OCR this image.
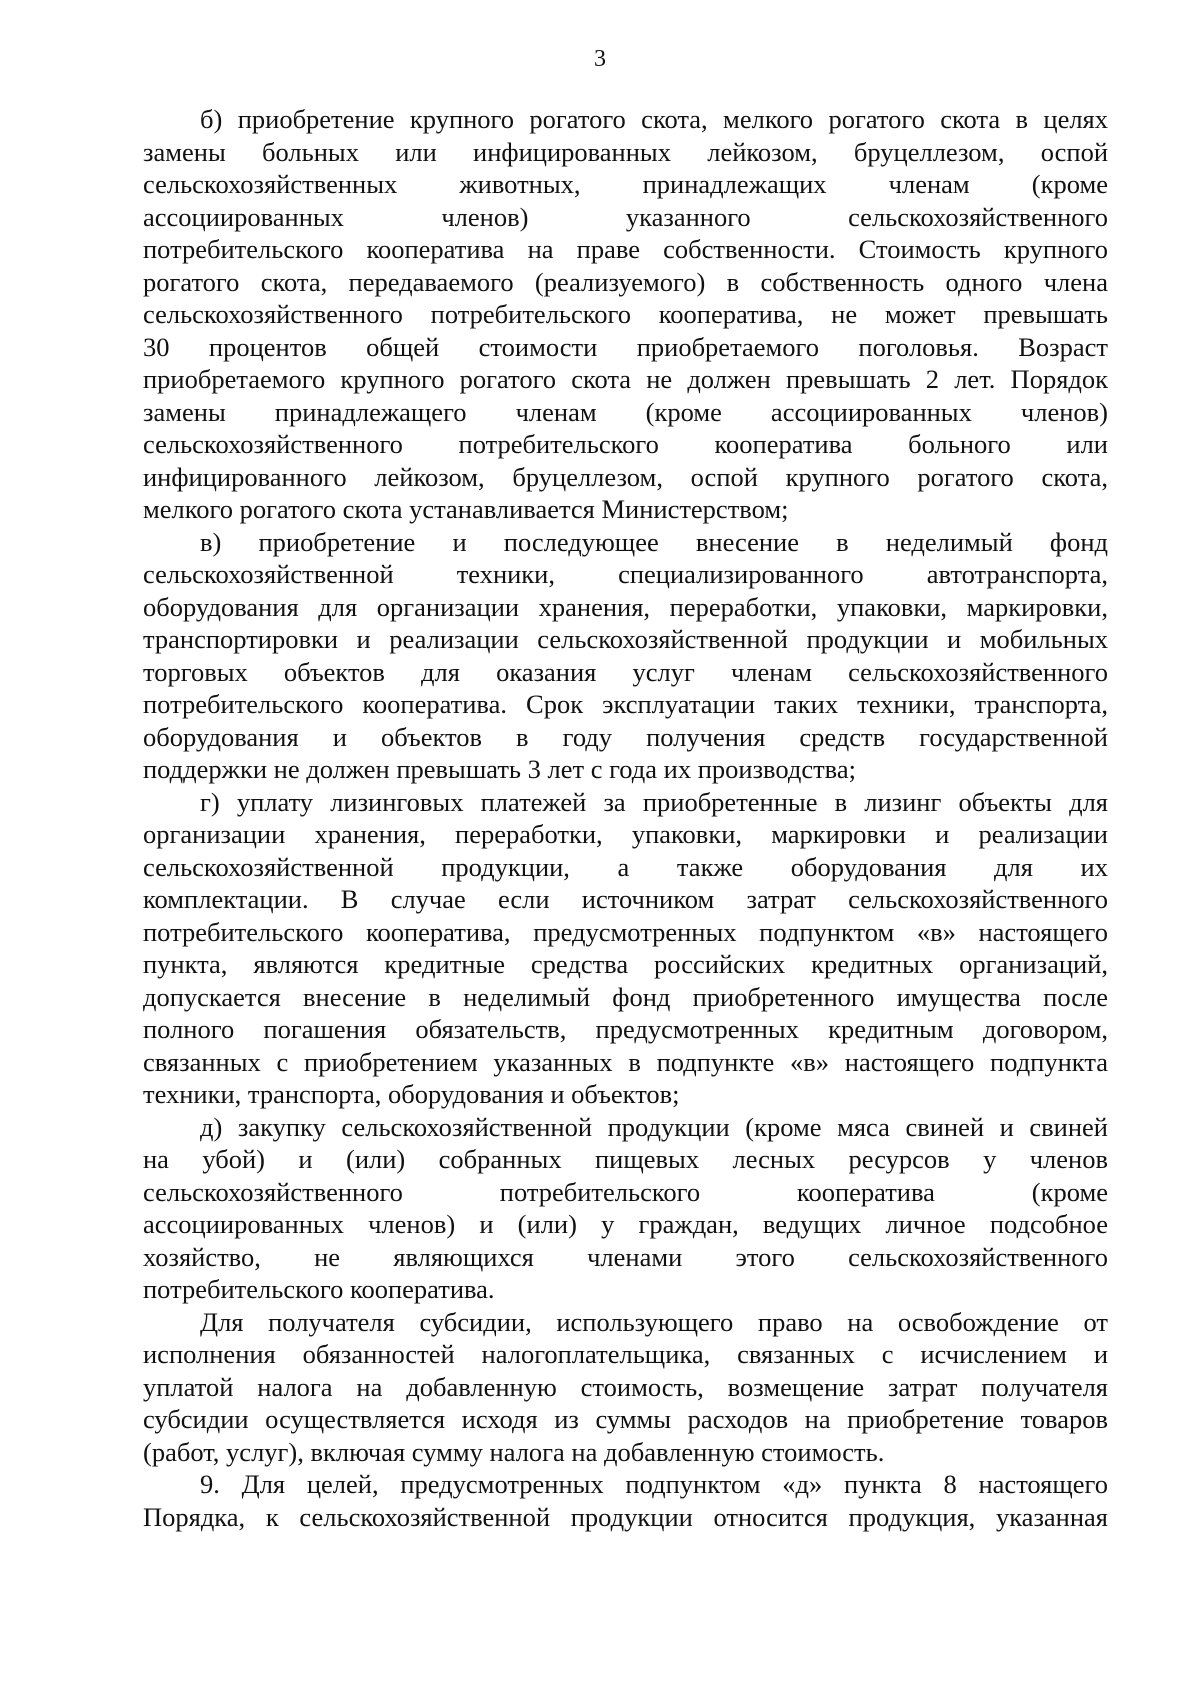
3
б) приобретение крупного рогатого скота, мелкого рогатого скота в целях
замены больных или инфицированных лейкозом, бруцеллезом, оспой
сельскохозяйственных животных, принадлежащих членам (кроме
ассоциированных членов) указанного сельскохозяйственного
потребительского кооператива на праве собственности. Стоимость крупного
рогатого скота, передаваемого (реализуемого) в собственность одного члена
сельскохозяйственного потребительского кооператива, не может превышать
30 процентов общей стоимости приобретаемого поголовья. Возраст
приобретаемого крупного рогатого скота не должен превышать 2 лет. Порядок
замены принадлежащего членам (кроме ассоциированных членов)
сельскохозяйственного потребительского кооператива больного или
инфицированного лейкозом, бруцеллезом, оспой крупного рогатого скота,
мелкого рогатого скота устанавливается Министерством;
в) приобретение и последующее внесение в неделимый фонд
сельскохозяйственной техники, специализированного автотранспорта,
оборудования для организации хранения, переработки, упаковки, маркировки,
транспортировки и реализации сельскохозяйственной продукции и мобильных
торговых объектов для оказания услуг членам сельскохозяйственного
потребительского кооператива. Срок эксплуатации таких техники, транспорта,
оборудования и объектов в году получения средств государственной
поддержки не должен превышать 3 лет с года их производства;
г) уплату лизинговых платежей за приобретенные в лизинг объекты для
организации хранения, переработки, упаковки, маркировки и реализации
сельскохозяйственной продукции, а также оборудования для их
комплектации. В случае если источником затрат сельскохозяйственного
потребительского кооператива, предусмотренных подпунктом «в» настоящего
пункта, являются кредитные средства российских кредитных организаций,
допускается внесение в неделимый фонд приобретенного имущества после
полного погашения обязательств, предусмотренных кредитным договором,
связанных с приобретением указанных в подпункте «в» настоящего подпункта
техники, транспорта, оборудования и объектов;
д) закупку сельскохозяйственной продукции (кроме мяса свиней и свиней
на убой) и (или) собранных пищевых лесных ресурсов у членов
сельскохозяйственного потребительского кооператива (кроме
ассоциированных членов) и (или) у граждан, ведущих личное подсобное
хозяйство, не являющихся членами этого сельскохозяйственного
потребительского кооператива.
Для получателя субсидии, использующего право на освобождение от
исполнения обязанностей налогоплательщика, связанных с исчислением и
уплатой налога на добавленную стоимость, возмещение затрат получателя
субсидии осуществляется исходя из суммы расходов на приобретение товаров
(работ, услуг), включая сумму налога на добавленную стоимость.
9. Для целей, предусмотренных подпунктом «д» пункта 8 настоящего
Порядка, к сельскохозяйственной продукции относится продукция, указанная
